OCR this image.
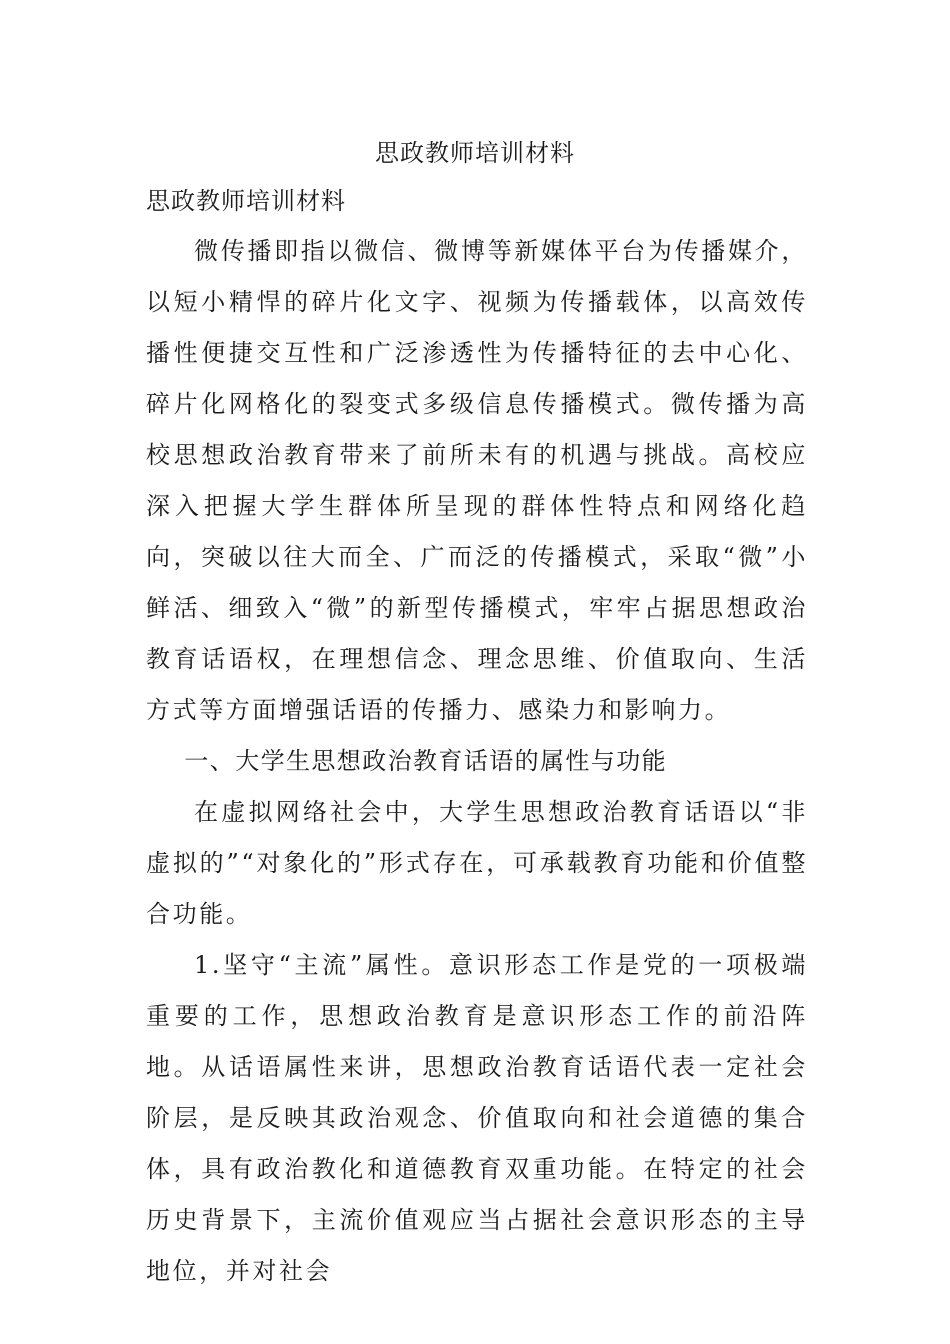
思政教师培训材料
思政教师培训材料

微传播即指以微信、微博等新媒体平台为传播媒介，以短小精悍的碎片化文字、视频为传播载体，以高效传播性便捷交互性和广泛渗透性为传播特征的去中心化、碎片化网格化的裂变式多级信息传播模式。微传播为高校思想政治教育带来了前所未有的机遇与挑战。高校应深入把握大学生群体所呈现的群体性特点和网络化趋向，突破以往大而全、广而泛的传播模式，采取“微”小鲜活、细致入“微”的新型传播模式，牢牢占据思想政治教育话语权，在理想信念、理念思维、价值取向、生活方式等方面增强话语的传播力、感染力和影响力。

一、大学生思想政治教育话语的属性与功能

在虚拟网络社会中，大学生思想政治教育话语以“非虚拟的”“对象化的”形式存在，可承载教育功能和价值整合功能。

1.坚守“主流”属性。意识形态工作是党的一项极端重要的工作，思想政治教育是意识形态工作的前沿阵地。从话语属性来讲，思想政治教育话语代表一定社会阶层，是反映其政治观念、价值取向和社会道德的集合体，具有政治教化和道德教育双重功能。在特定的社会历史背景下，主流价值观应当占据社会意识形态的主导地位，并对社会
